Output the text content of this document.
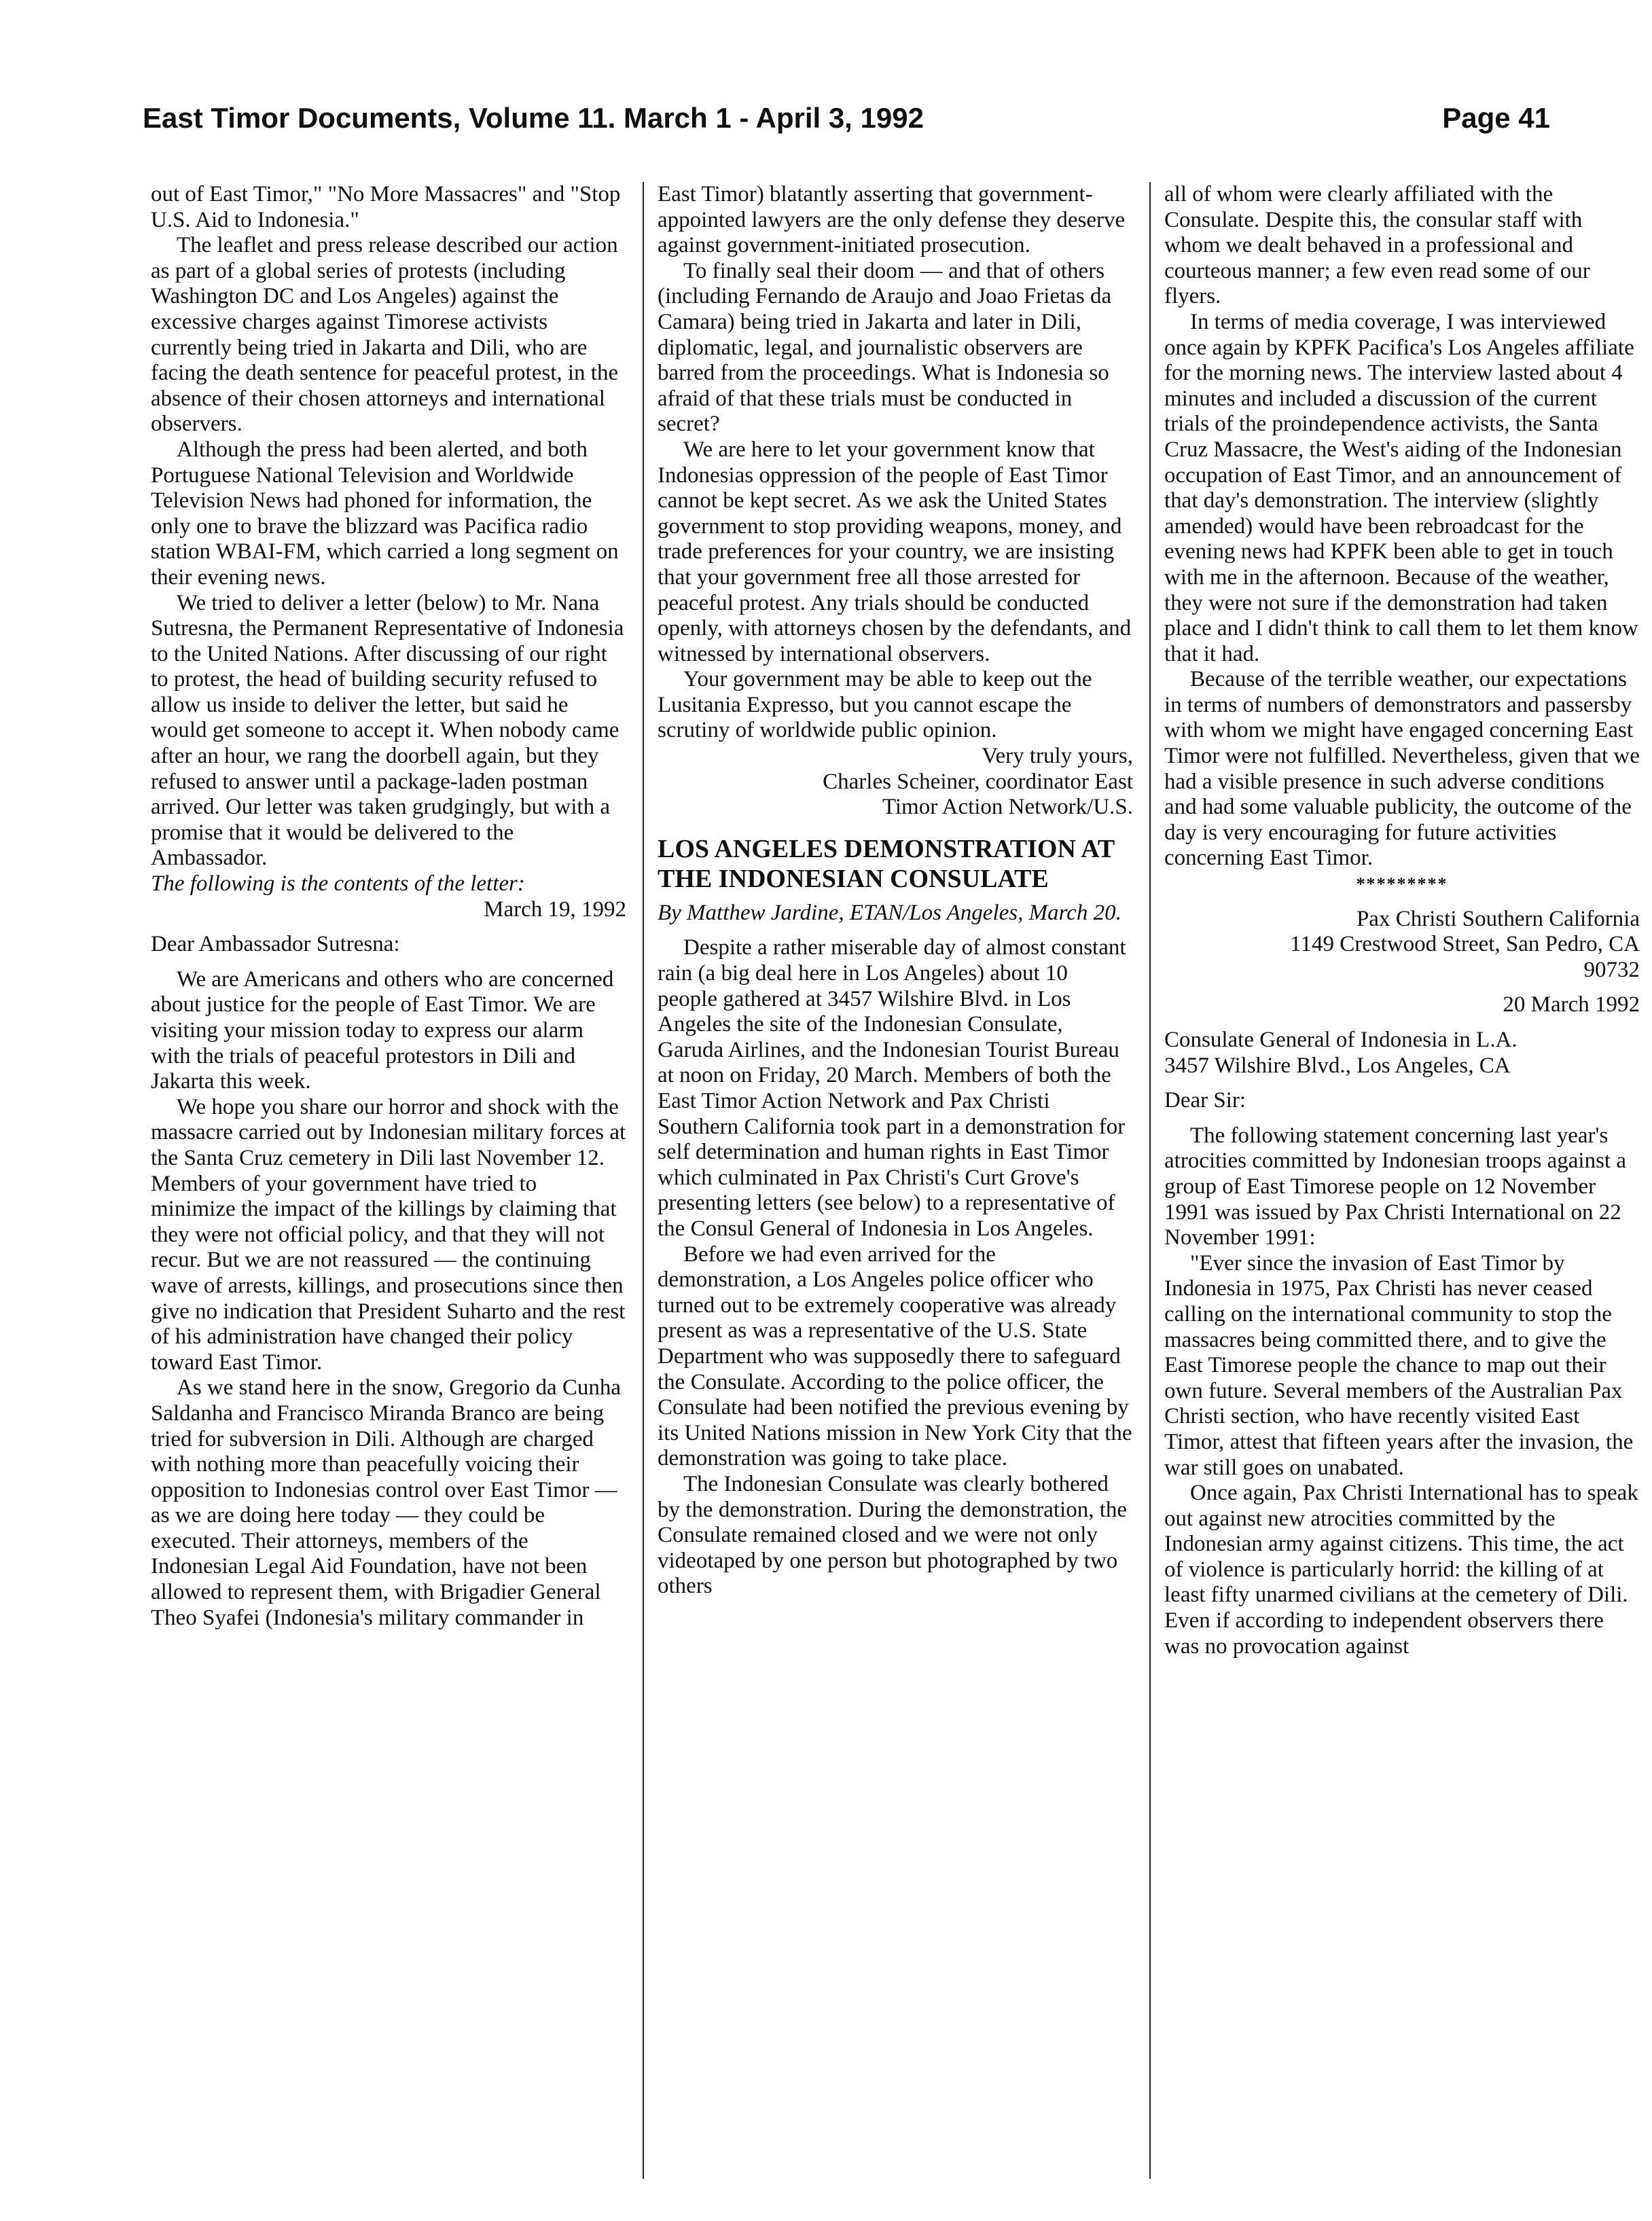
East Timor Documents, Volume 11. March 1 - April 3, 1992	Page 41

out of East Timor," "No More Massacres" and "Stop U.S. Aid to Indonesia."

The leaflet and press release described our action as part of a global series of protests (including Washington DC and Los Angeles) against the excessive charges against Timorese activists currently being tried in Jakarta and Dili, who are facing the death sentence for peaceful protest, in the absence of their chosen attorneys and international observers.

Although the press had been alerted, and both Portuguese National Television and Worldwide Television News had phoned for information, the only one to brave the blizzard was Pacifica radio station WBAI-FM, which carried a long segment on their evening news.

We tried to deliver a letter (below) to Mr. Nana Sutresna, the Permanent Representative of Indonesia to the United Nations. After discussing of our right to protest, the head of building security refused to allow us inside to deliver the letter, but said he would get someone to accept it. When nobody came after an hour, we rang the doorbell again, but they refused to answer until a package-laden postman arrived. Our letter was taken grudgingly, but with a promise that it would be delivered to the Ambassador.

The following is the contents of the letter:

March 19, 1992

Dear Ambassador Sutresna:

We are Americans and others who are concerned about justice for the people of East Timor. We are visiting your mission today to express our alarm with the trials of peaceful protestors in Dili and Jakarta this week.

We hope you share our horror and shock with the massacre carried out by Indonesian military forces at the Santa Cruz cemetery in Dili last November 12. Members of your government have tried to minimize the impact of the killings by claiming that they were not official policy, and that they will not recur. But we are not reassured — the continuing wave of arrests, killings, and prosecutions since then give no indication that President Suharto and the rest of his administration have changed their policy toward East Timor.

As we stand here in the snow, Gregorio da Cunha Saldanha and Francisco Miranda Branco are being tried for subversion in Dili. Although are charged with nothing more than peacefully voicing their opposition to Indonesias control over East Timor — as we are doing here today — they could be executed. Their attorneys, members of the Indonesian Legal Aid Foundation, have not been allowed to represent them, with Brigadier General Theo Syafei (Indonesia's military commander in

East Timor) blatantly asserting that government-appointed lawyers are the only defense they deserve against government-initiated prosecution.

To finally seal their doom — and that of others (including Fernando de Araujo and Joao Frietas da Camara) being tried in Jakarta and later in Dili, diplomatic, legal, and journalistic observers are barred from the proceedings. What is Indonesia so afraid of that these trials must be conducted in secret?

We are here to let your government know that Indonesias oppression of the people of East Timor cannot be kept secret. As we ask the United States government to stop providing weapons, money, and trade preferences for your country, we are insisting that your government free all those arrested for peaceful protest. Any trials should be conducted openly, with attorneys chosen by the defendants, and witnessed by international observers.

Your government may be able to keep out the Lusitania Expresso, but you cannot escape the scrutiny of worldwide public opinion.

Very truly yours,

Charles Scheiner, coordinator East

Timor Action Network/U.S.

LOS ANGELES DEMONSTRATION AT THE INDONESIAN CONSULATE

By Matthew Jardine, ETAN/Los Angeles, March 20.

Despite a rather miserable day of almost constant rain (a big deal here in Los Angeles) about 10 people gathered at 3457 Wilshire Blvd. in Los Angeles the site of the Indonesian Consulate, Garuda Airlines, and the Indonesian Tourist Bureau at noon on Friday, 20 March. Members of both the East Timor Action Network and Pax Christi Southern California took part in a demonstration for self determination and human rights in East Timor which culminated in Pax Christi's Curt Grove's presenting letters (see below) to a representative of the Consul General of Indonesia in Los Angeles.

Before we had even arrived for the demonstration, a Los Angeles police officer who turned out to be extremely cooperative was already present as was a representative of the U.S. State Department who was supposedly there to safeguard the Consulate. According to the police officer, the Consulate had been notified the previous evening by its United Nations mission in New York City that the demonstration was going to take place.

The Indonesian Consulate was clearly bothered by the demonstration. During the demonstration, the Consulate remained closed and we were not only videotaped by one person but photographed by two others

all of whom were clearly affiliated with the Consulate. Despite this, the consular staff with whom we dealt behaved in a professional and courteous manner; a few even read some of our flyers.

In terms of media coverage, I was interviewed once again by KPFK Pacifica's Los Angeles affiliate for the morning news. The interview lasted about 4 minutes and included a discussion of the current trials of the proindependence activists, the Santa Cruz Massacre, the West's aiding of the Indonesian occupation of East Timor, and an announcement of that day's demonstration. The interview (slightly amended) would have been rebroadcast for the evening news had KPFK been able to get in touch with me in the afternoon. Because of the weather, they were not sure if the demonstration had taken place and I didn't think to call them to let them know that it had.

Because of the terrible weather, our expectations in terms of numbers of demonstrators and passersby with whom we might have engaged concerning East Timor were not fulfilled. Nevertheless, given that we had a visible presence in such adverse conditions and had some valuable publicity, the outcome of the day is very encouraging for future activities concerning East Timor.

*********

Pax Christi Southern California

1149 Crestwood Street, San Pedro, CA

90732

20 March 1992

Consulate General of Indonesia in L.A.

3457 Wilshire Blvd., Los Angeles, CA

Dear Sir:

The following statement concerning last year's atrocities committed by Indonesian troops against a group of East Timorese people on 12 November 1991 was issued by Pax Christi International on 22 November 1991:

"Ever since the invasion of East Timor by Indonesia in 1975, Pax Christi has never ceased calling on the international community to stop the massacres being committed there, and to give the East Timorese people the chance to map out their own future. Several members of the Australian Pax Christi section, who have recently visited East Timor, attest that fifteen years after the invasion, the war still goes on unabated.

Once again, Pax Christi International has to speak out against new atrocities committed by the Indonesian army against citizens. This time, the act of violence is particularly horrid: the killing of at least fifty unarmed civilians at the cemetery of Dili. Even if according to independent observers there was no provocation against
